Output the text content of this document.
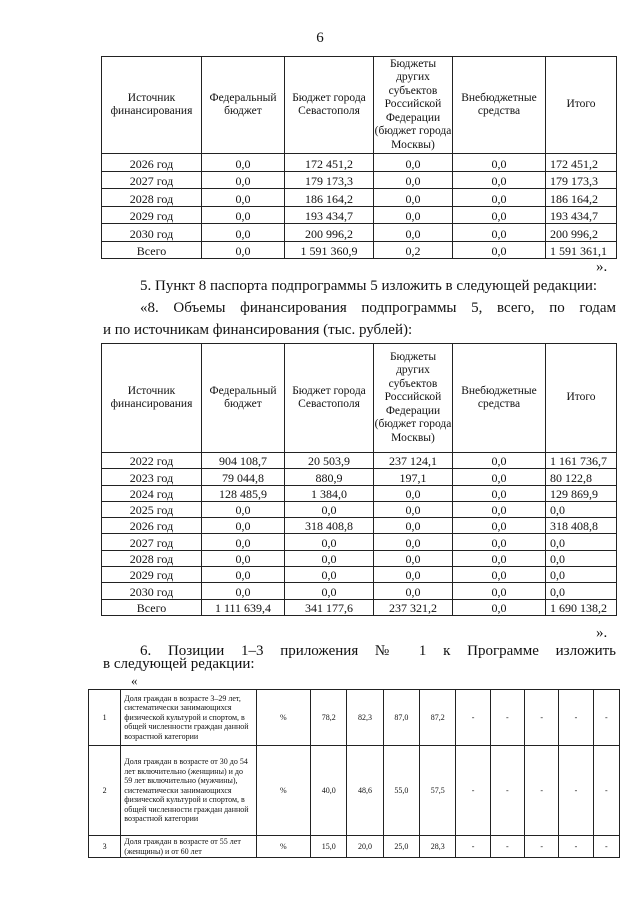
6
Источник финансирования	Федеральный бюджет	Бюджет города Севастополя	Бюджеты других субъектов Российской Федерации (бюджет города Москвы)	Внебюджетные средства	Итого
2026 год	0,0	172 451,2	0,0	0,0	172 451,2
2027 год	0,0	179 173,3	0,0	0,0	179 173,3
2028 год	0,0	186 164,2	0,0	0,0	186 164,2
2029 год	0,0	193 434,7	0,0	0,0	193 434,7
2030 год	0,0	200 996,2	0,0	0,0	200 996,2
Всего	0,0	1 591 360,9	0,2	0,0	1 591 361,1
».
5. Пункт 8 паспорта подпрограммы 5 изложить в следующей редакции:
«8. Объемы финансирования подпрограммы 5, всего, по годам
и по источникам финансирования (тыс. рублей):
Источник финансирования	Федеральный бюджет	Бюджет города Севастополя	Бюджеты других субъектов Российской Федерации (бюджет города Москвы)	Внебюджетные средства	Итого
2022 год	904 108,7	20 503,9	237 124,1	0,0	1 161 736,7
2023 год	79 044,8	880,9	197,1	0,0	80 122,8
2024 год	128 485,9	1 384,0	0,0	0,0	129 869,9
2025 год	0,0	0,0	0,0	0,0	0,0
2026 год	0,0	318 408,8	0,0	0,0	318 408,8
2027 год	0,0	0,0	0,0	0,0	0,0
2028 год	0,0	0,0	0,0	0,0	0,0
2029 год	0,0	0,0	0,0	0,0	0,0
2030 год	0,0	0,0	0,0	0,0	0,0
Всего	1 111 639,4	341 177,6	237 321,2	0,0	1 690 138,2
».
6. Позиции 1–3 приложения № 1 к Программе изложить
в следующей редакции:
«
1	Доля граждан в возрасте 3–29 лет, систематически занимающихся физической культурой и спортом, в общей численности граждан данной возрастной категории	%	78,2	82,3	87,0	87,2	-	-	-	-	-
2	Доля граждан в возрасте от 30 до 54 лет включительно (женщины) и до 59 лет включительно (мужчины), систематически занимающихся физической культурой и спортом, в общей численности граждан данной возрастной категории	%	40,0	48,6	55,0	57,5	-	-	-	-	-
3	Доля граждан в возрасте от 55 лет (женщины) и от 60 лет	%	15,0	20,0	25,0	28,3	-	-	-	-	-
